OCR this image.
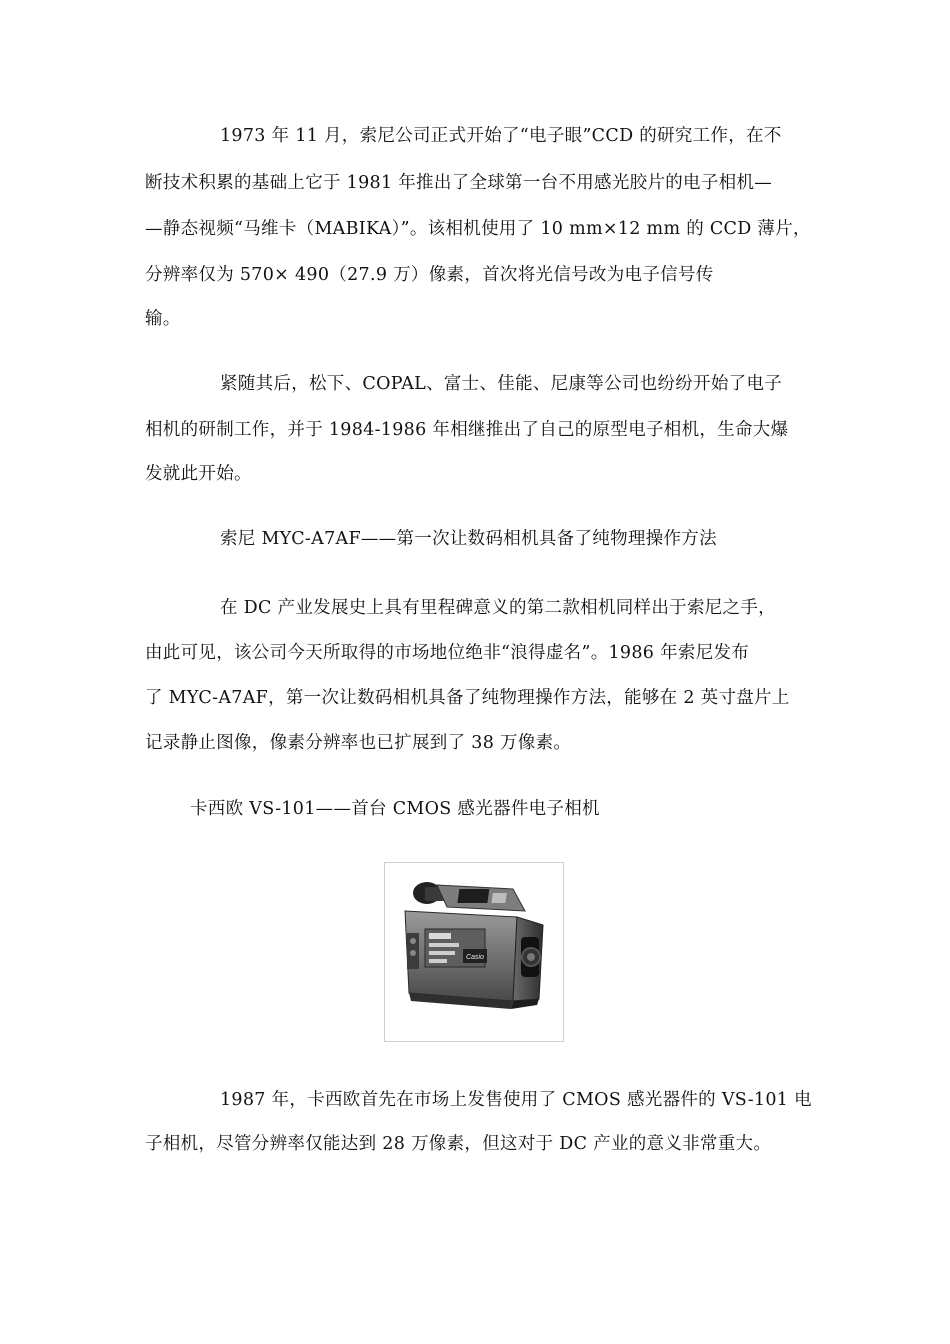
1973 年 11 月，索尼公司正式开始了“电子眼”CCD 的研究工作，在不
断技术积累的基础上它于 1981 年推出了全球第一台不用感光胶片的电子相机—
—静态视频“马维卡（MABIKA）”。该相机使用了 10 mm×12 mm 的 CCD 薄片，
分辨率仅为 570× 490（27.9 万）像素，首次将光信号改为电子信号传
输。
紧随其后，松下、COPAL、富士、佳能、尼康等公司也纷纷开始了电子
相机的研制工作，并于 1984-1986 年相继推出了自己的原型电子相机，生命大爆
发就此开始。
索尼 MYC-A7AF——第一次让数码相机具备了纯物理操作方法
在 DC 产业发展史上具有里程碑意义的第二款相机同样出于索尼之手，
由此可见，该公司今天所取得的市场地位绝非“浪得虚名”。1986 年索尼发布
了 MYC-A7AF，第一次让数码相机具备了纯物理操作方法，能够在 2 英寸盘片上
记录静止图像，像素分辨率也已扩展到了 38 万像素。
卡西欧 VS-101——首台 CMOS 感光器件电子相机
Casio
1987 年，卡西欧首先在市场上发售使用了 CMOS 感光器件的 VS-101 电
子相机，尽管分辨率仅能达到 28 万像素，但这对于 DC 产业的意义非常重大。
